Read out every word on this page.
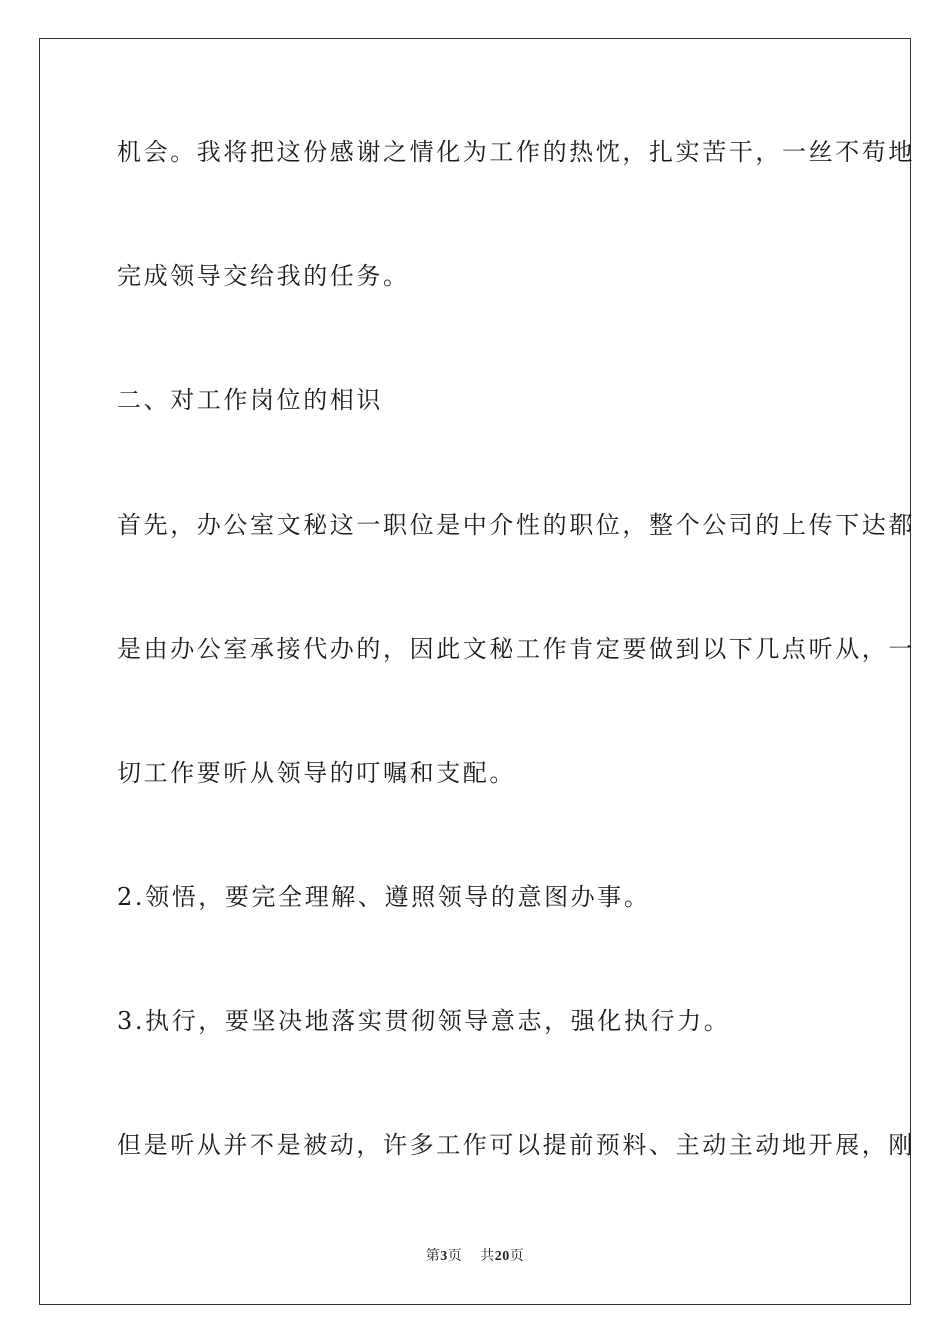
机会。我将把这份感谢之情化为工作的热忱，扎实苦干，一丝不苟地
完成领导交给我的任务。
二、对工作岗位的相识
首先，办公室文秘这一职位是中介性的职位，整个公司的上传下达都
是由办公室承接代办的，因此文秘工作肯定要做到以下几点听从，一
切工作要听从领导的叮嘱和支配。
2.领悟，要完全理解、遵照领导的意图办事。
3.执行，要坚决地落实贯彻领导意志，强化执行力。
但是听从并不是被动，许多工作可以提前预料、主动主动地开展，刚
第3页 共20页
